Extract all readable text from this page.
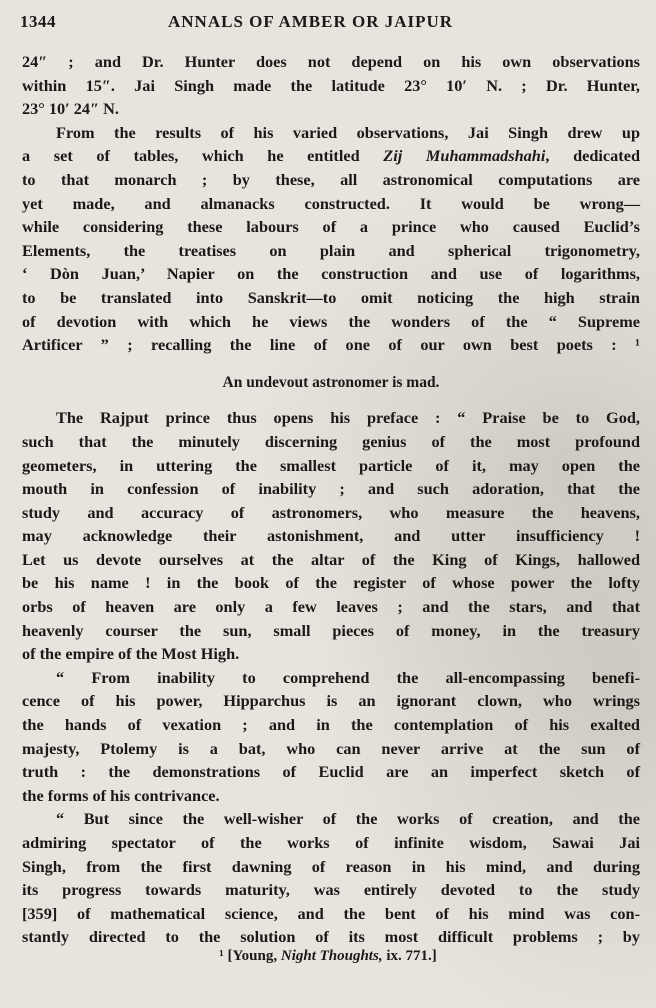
1344	ANNALS OF AMBER OR JAIPUR
24″ ; and Dr. Hunter does not depend on his own observations
within 15″. Jai Singh made the latitude 23° 10′ N. ; Dr. Hunter,
23° 10′ 24″ N.
From the results of his varied observations, Jai Singh drew up
a set of tables, which he entitled Zij Muhammadshahi, dedicated
to that monarch ; by these, all astronomical computations are
yet made, and almanacks constructed. It would be wrong—
while considering these labours of a prince who caused Euclid’s
Elements, the treatises on plain and spherical trigonometry,
‘ Dòn Juan,’ Napier on the construction and use of logarithms,
to be translated into Sanskrit—to omit noticing the high strain
of devotion with which he views the wonders of the “ Supreme
Artificer ” ; recalling the line of one of our own best poets : ¹
An undevout astronomer is mad.
The Rajput prince thus opens his preface : “ Praise be to God,
such that the minutely discerning genius of the most profound
geometers, in uttering the smallest particle of it, may open the
mouth in confession of inability ; and such adoration, that the
study and accuracy of astronomers, who measure the heavens,
may acknowledge their astonishment, and utter insufficiency !
Let us devote ourselves at the altar of the King of Kings, hallowed
be his name ! in the book of the register of whose power the lofty
orbs of heaven are only a few leaves ; and the stars, and that
heavenly courser the sun, small pieces of money, in the treasury
of the empire of the Most High.
“ From inability to comprehend the all-encompassing benefi-
cence of his power, Hipparchus is an ignorant clown, who wrings
the hands of vexation ; and in the contemplation of his exalted
majesty, Ptolemy is a bat, who can never arrive at the sun of
truth : the demonstrations of Euclid are an imperfect sketch of
the forms of his contrivance.
“ But since the well-wisher of the works of creation, and the
admiring spectator of the works of infinite wisdom, Sawai Jai
Singh, from the first dawning of reason in his mind, and during
its progress towards maturity, was entirely devoted to the study
[359] of mathematical science, and the bent of his mind was con-
stantly directed to the solution of its most difficult problems ; by
¹ [Young, Night Thoughts, ix. 771.]
